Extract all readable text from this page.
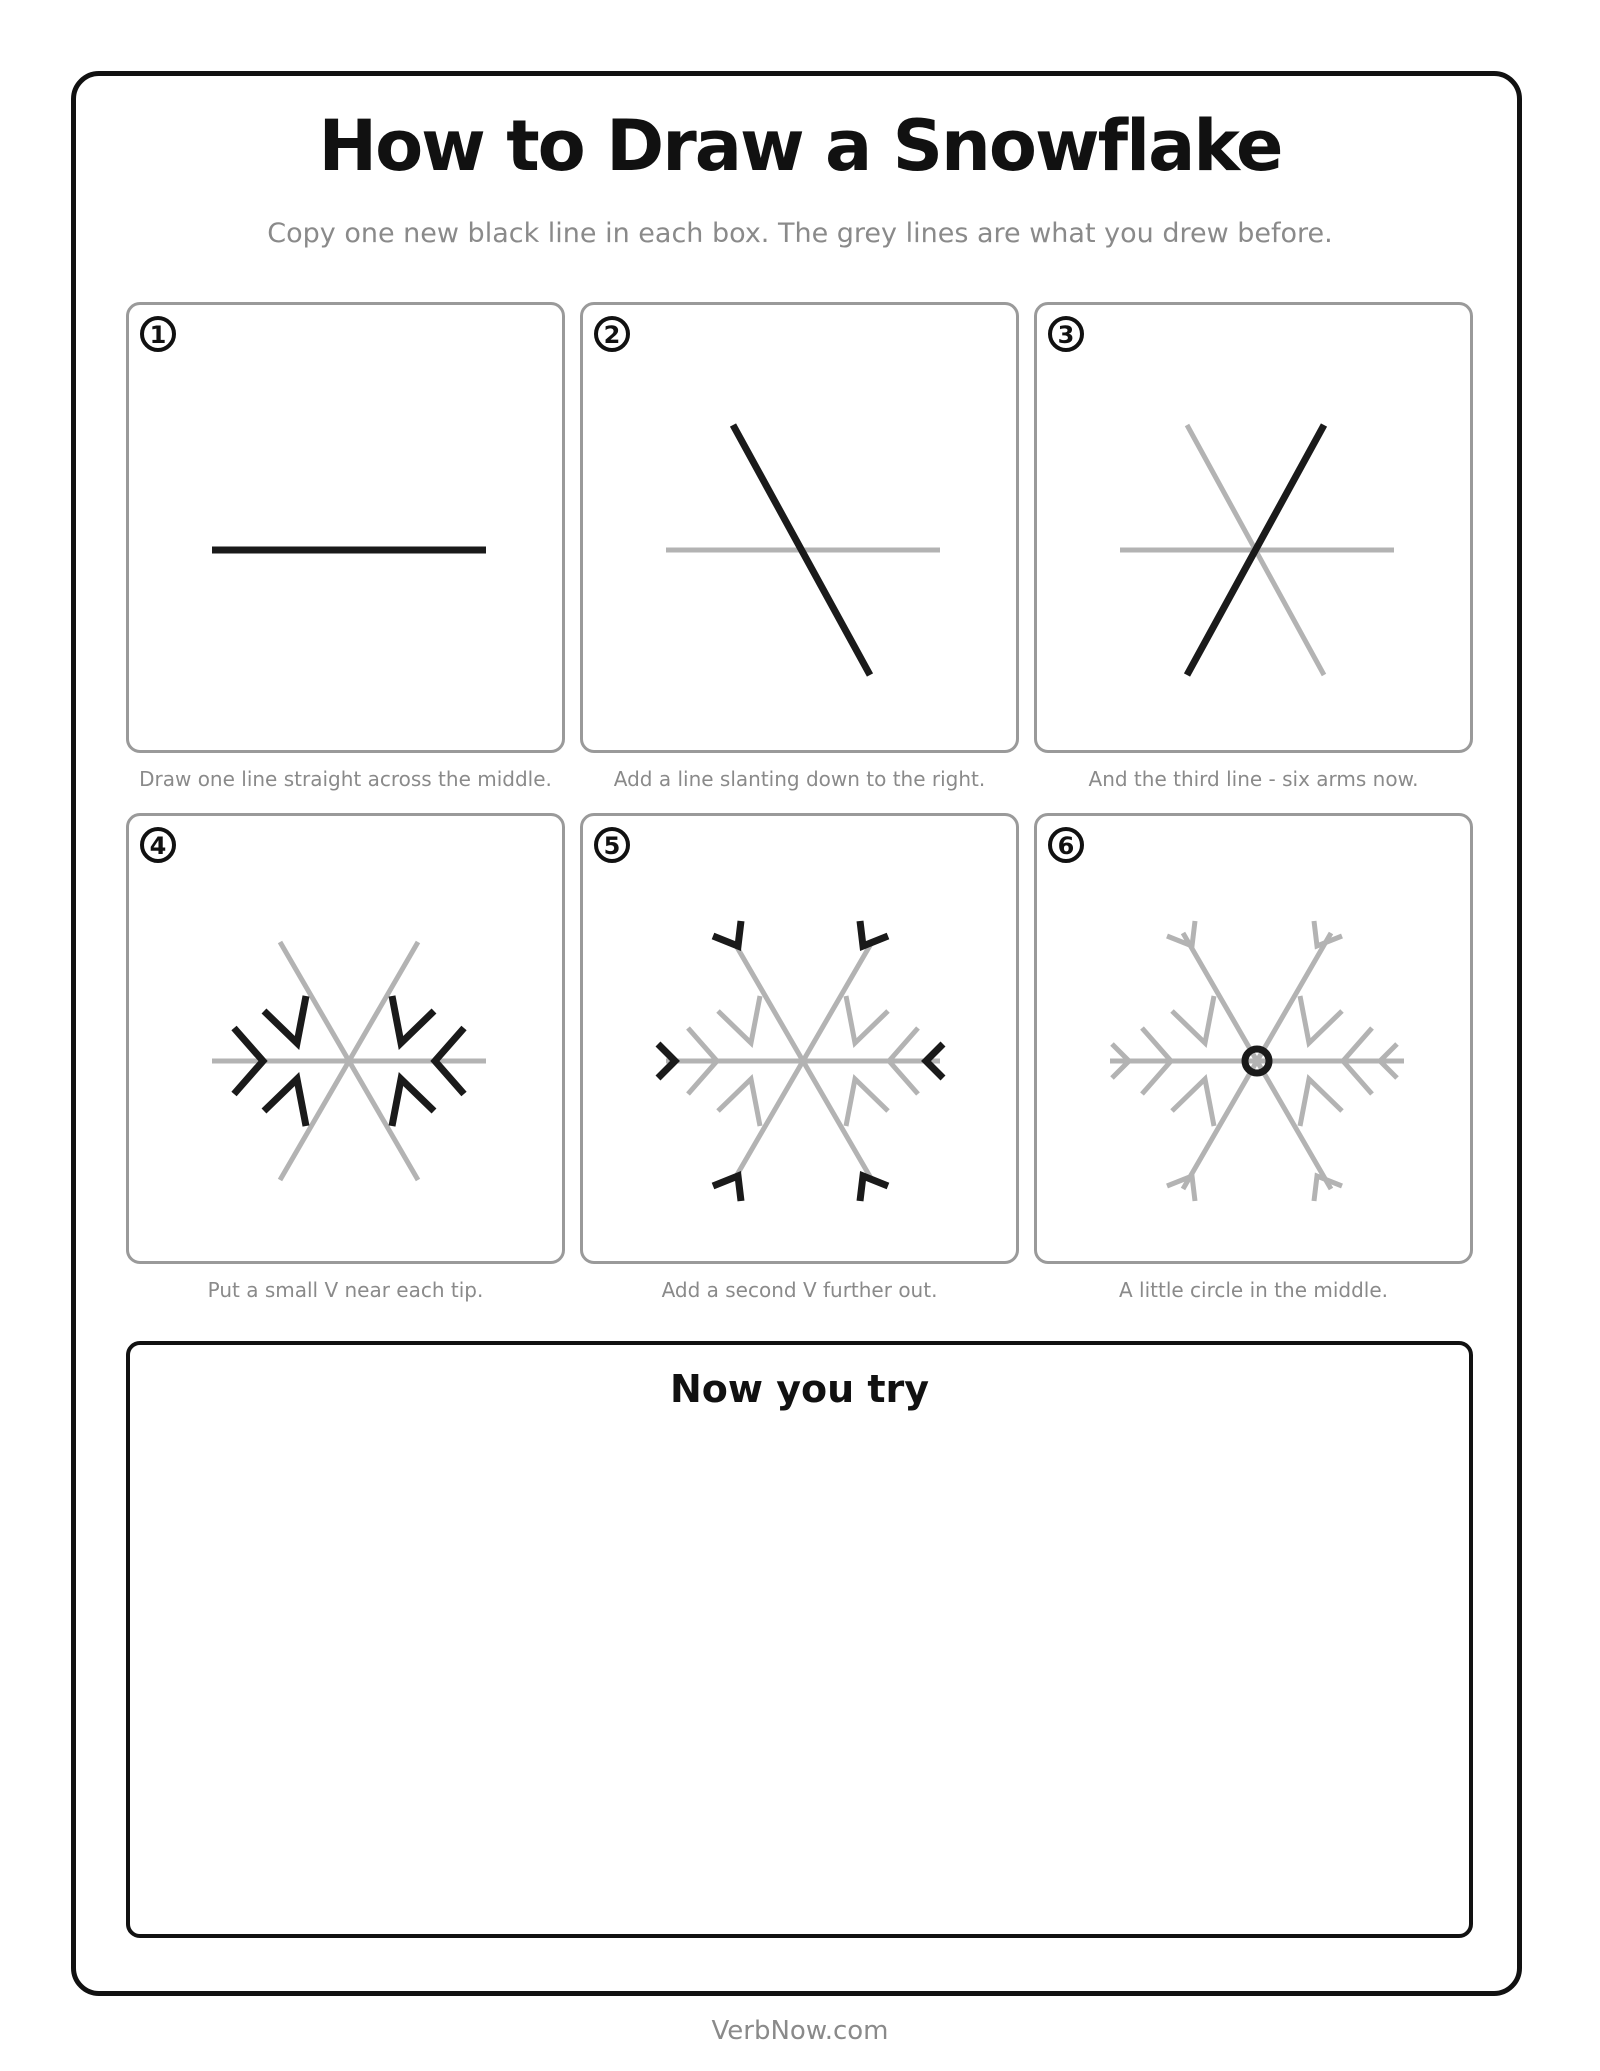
How to Draw a Snowflake

Copy one new black line in each box. The grey lines are what you drew before.

1

Draw one line straight across the middle.

2

Add a line slanting down to the right.

3

And the third line - six arms now.

4

Put a small V near each tip.

5

Add a second V further out.

6

A little circle in the middle.

Now you try

VerbNow.com
